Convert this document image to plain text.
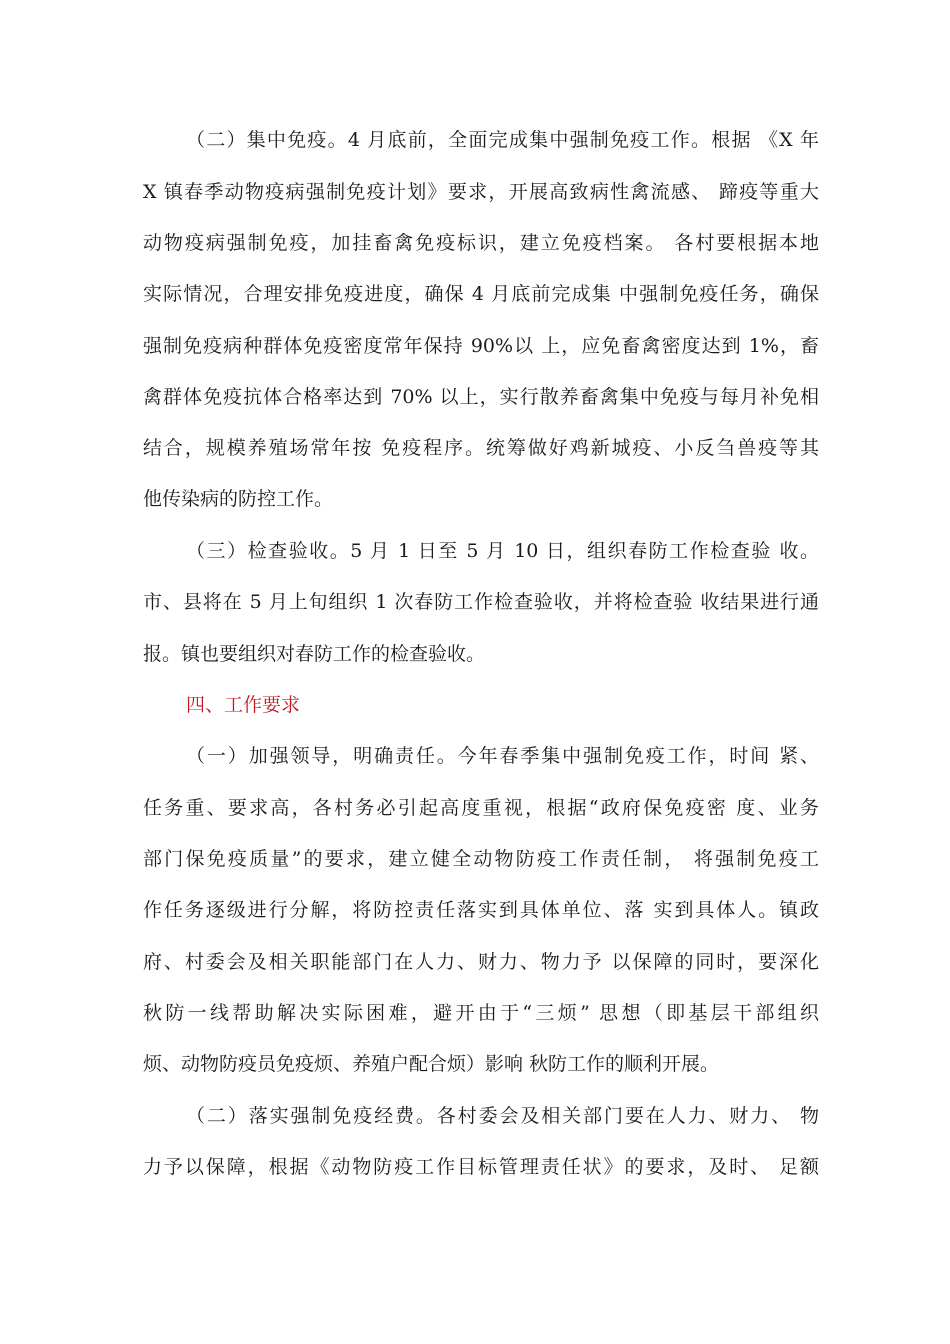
（二）集中免疫。4 月底前，全面完成集中强制免疫工作。根据 《X 年
X 镇春季动物疫病强制免疫计划》要求，开展高致病性禽流感、 蹄疫等重大
动物疫病强制免疫，加挂畜禽免疫标识，建立免疫档案。 各村要根据本地
实际情况，合理安排免疫进度，确保 4 月底前完成集 中强制免疫任务，确保
强制免疫病种群体免疫密度常年保持 90%以 上，应免畜禽密度达到 1%，畜
禽群体免疫抗体合格率达到 70% 以上，实行散养畜禽集中免疫与每月补免相
结合，规模养殖场常年按 免疫程序。统筹做好鸡新城疫、小反刍兽疫等其
他传染病的防控工作。
（三）检查验收。5 月 1 日至 5 月 10 日，组织春防工作检查验 收。
市、县将在 5 月上旬组织 1 次春防工作检查验收，并将检查验 收结果进行通
报。镇也要组织对春防工作的检查验收。
四、工作要求
（一）加强领导，明确责任。今年春季集中强制免疫工作，时间 紧、
任务重、要求高，各村务必引起高度重视，根据“政府保免疫密 度、业务
部门保免疫质量”的要求，建立健全动物防疫工作责任制， 将强制免疫工
作任务逐级进行分解，将防控责任落实到具体单位、落 实到具体人。镇政
府、村委会及相关职能部门在人力、财力、物力予 以保障的同时，要深化
秋防一线帮助解决实际困难，避开由于“三烦” 思想（即基层干部组织
烦、动物防疫员免疫烦、养殖户配合烦）影响 秋防工作的顺利开展。
（二）落实强制免疫经费。各村委会及相关部门要在人力、财力、 物
力予以保障，根据《动物防疫工作目标管理责任状》的要求，及时、 足额
